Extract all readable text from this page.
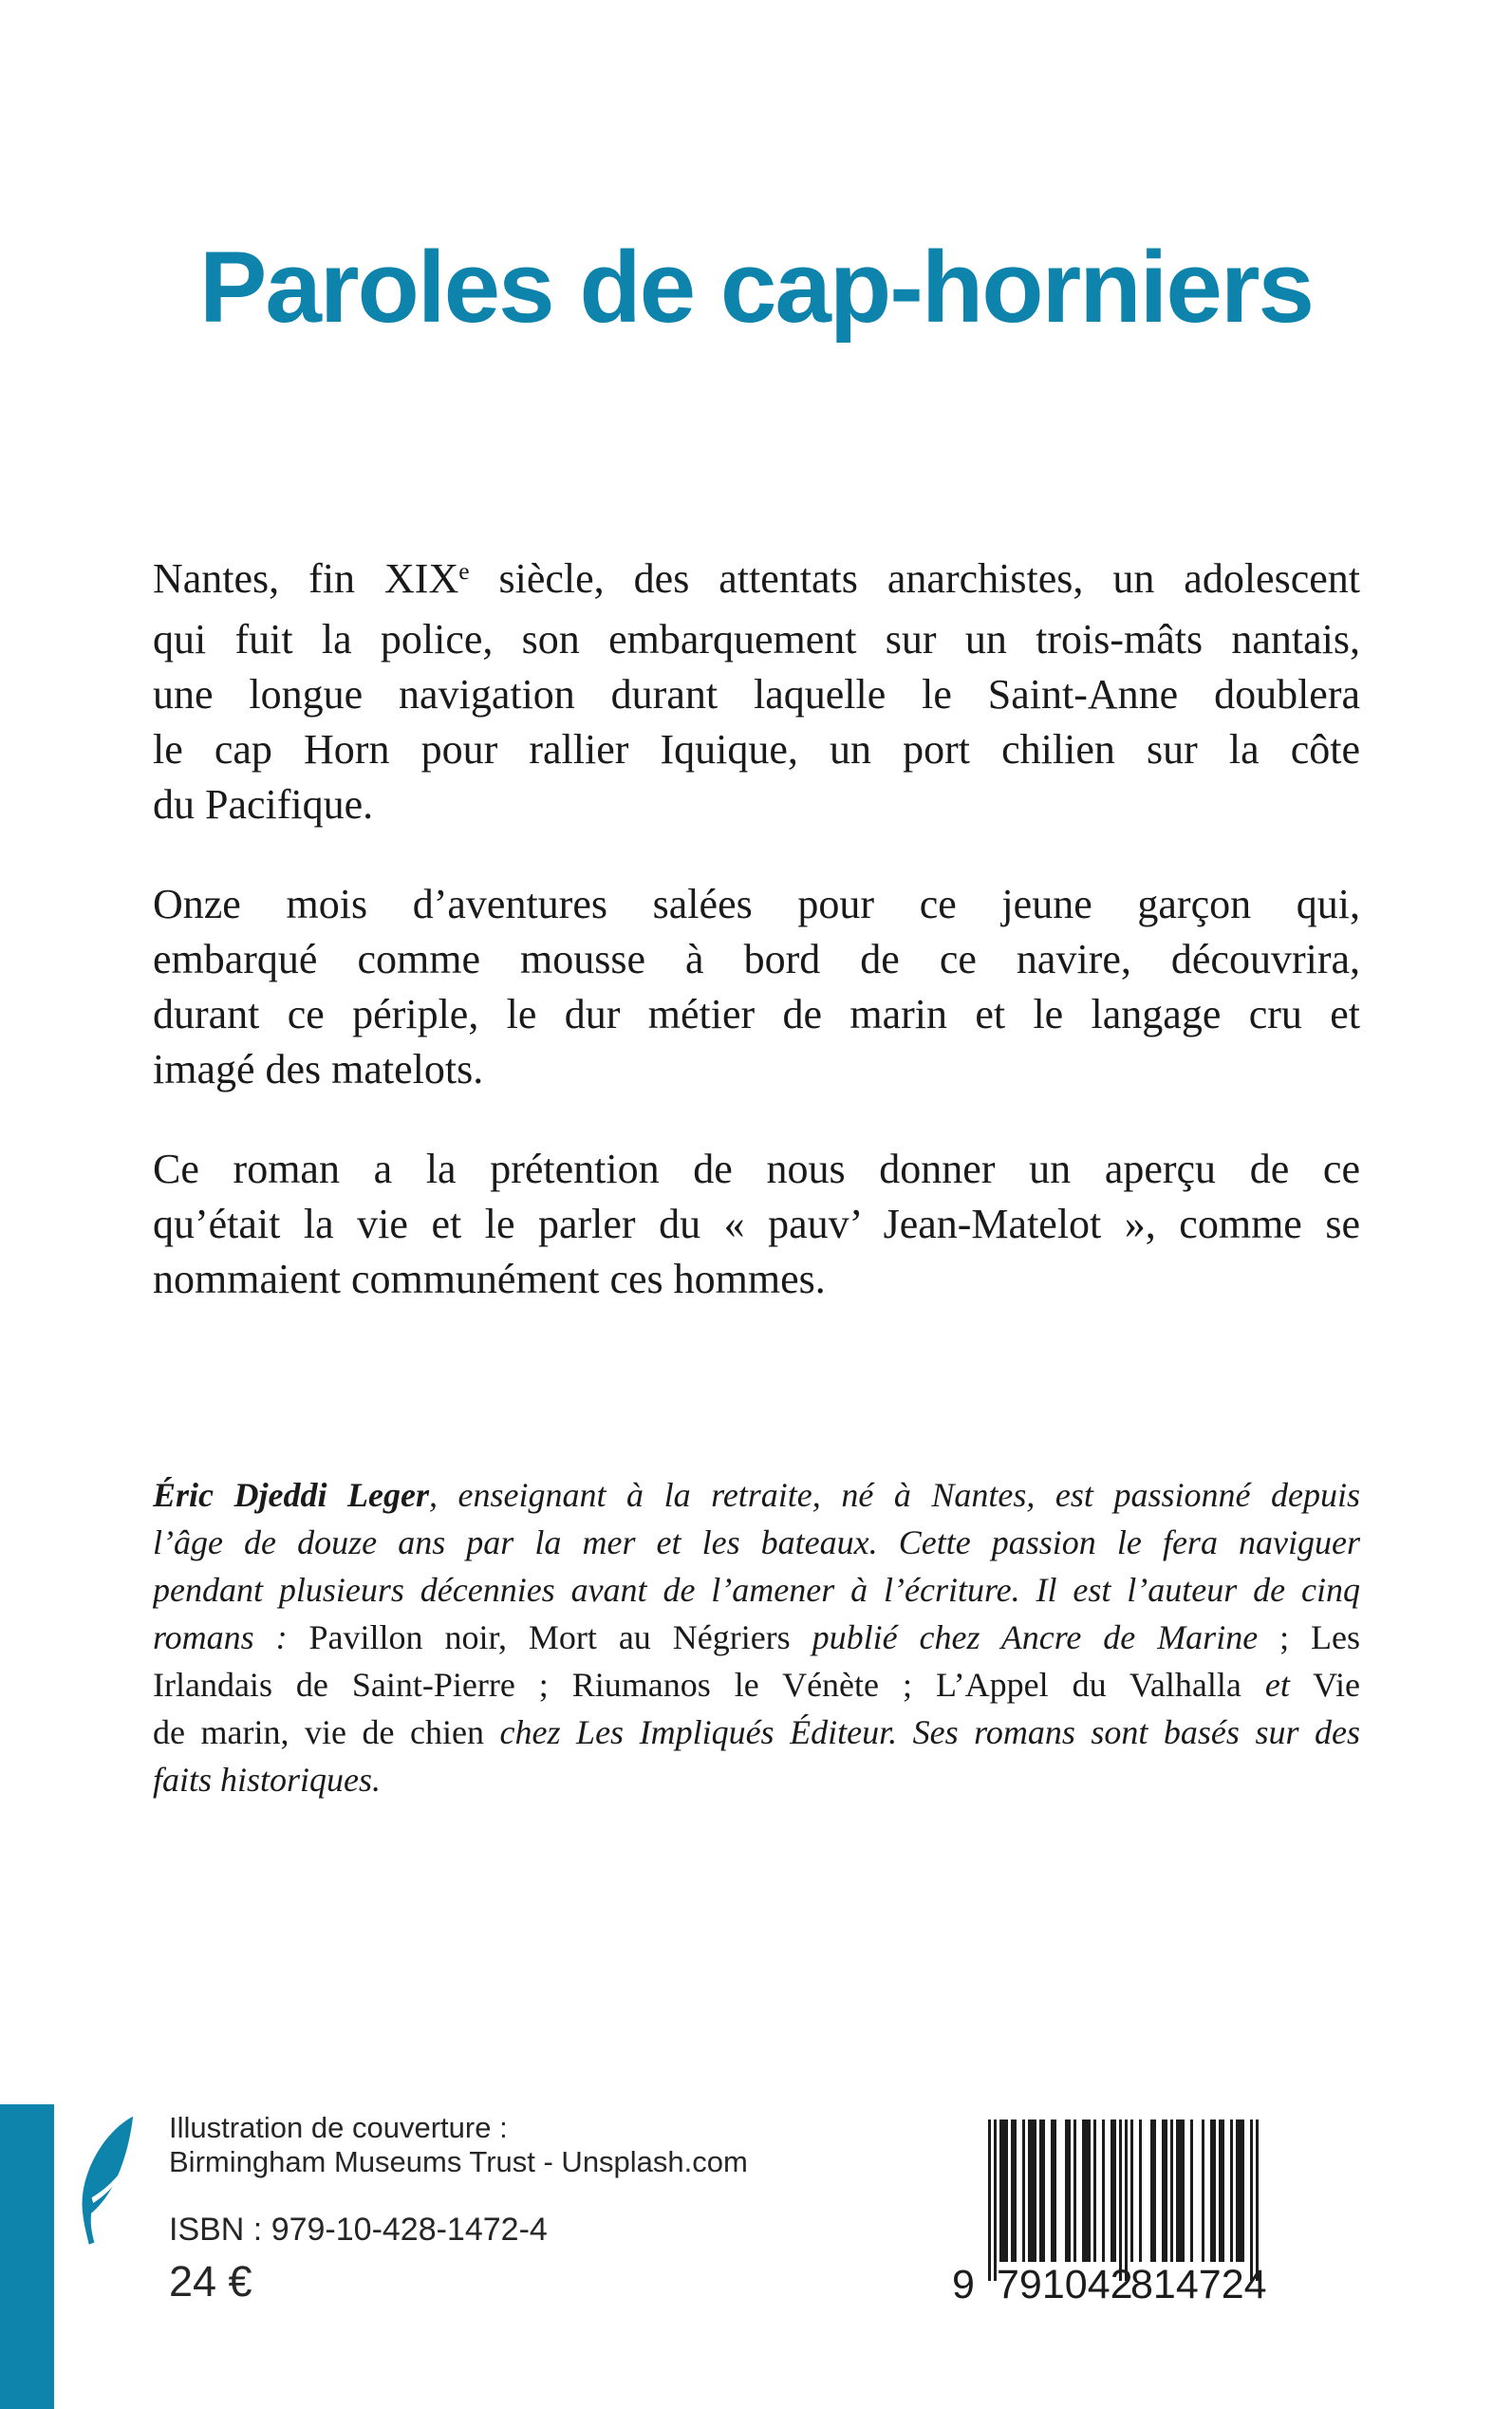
Paroles de cap-horniers
Nantes, fin XIXe siècle, des attentats anarchistes, un adolescent
qui fuit la police, son embarquement sur un trois-mâts nantais,
une longue navigation durant laquelle le Saint-Anne doublera
le cap Horn pour rallier Iquique, un port chilien sur la côte
du Pacifique.
Onze mois d’aventures salées pour ce jeune garçon qui,
embarqué comme mousse à bord de ce navire, découvrira,
durant ce périple, le dur métier de marin et le langage cru et
imagé des matelots.
Ce roman a la prétention de nous donner un aperçu de ce
qu’était la vie et le parler du « pauv’ Jean-Matelot », comme se
nommaient communément ces hommes.
Éric Djeddi Leger, enseignant à la retraite, né à Nantes, est passionné depuis
l’âge de douze ans par la mer et les bateaux. Cette passion le fera naviguer
pendant plusieurs décennies avant de l’amener à l’écriture. Il est l’auteur de cinq
romans : Pavillon noir, Mort au Négriers publié chez Ancre de Marine ; Les
Irlandais de Saint-Pierre ; Riumanos le Vénète ; L’Appel du Valhalla et Vie
de marin, vie de chien chez Les Impliqués Éditeur. Ses romans sont basés sur des
faits historiques.
Illustration de couverture :
Birmingham Museums Trust - Unsplash.com
ISBN : 979-10-428-1472-4
24 €	9 7 9 1 0 4 2
8 1 4 7 2 4
